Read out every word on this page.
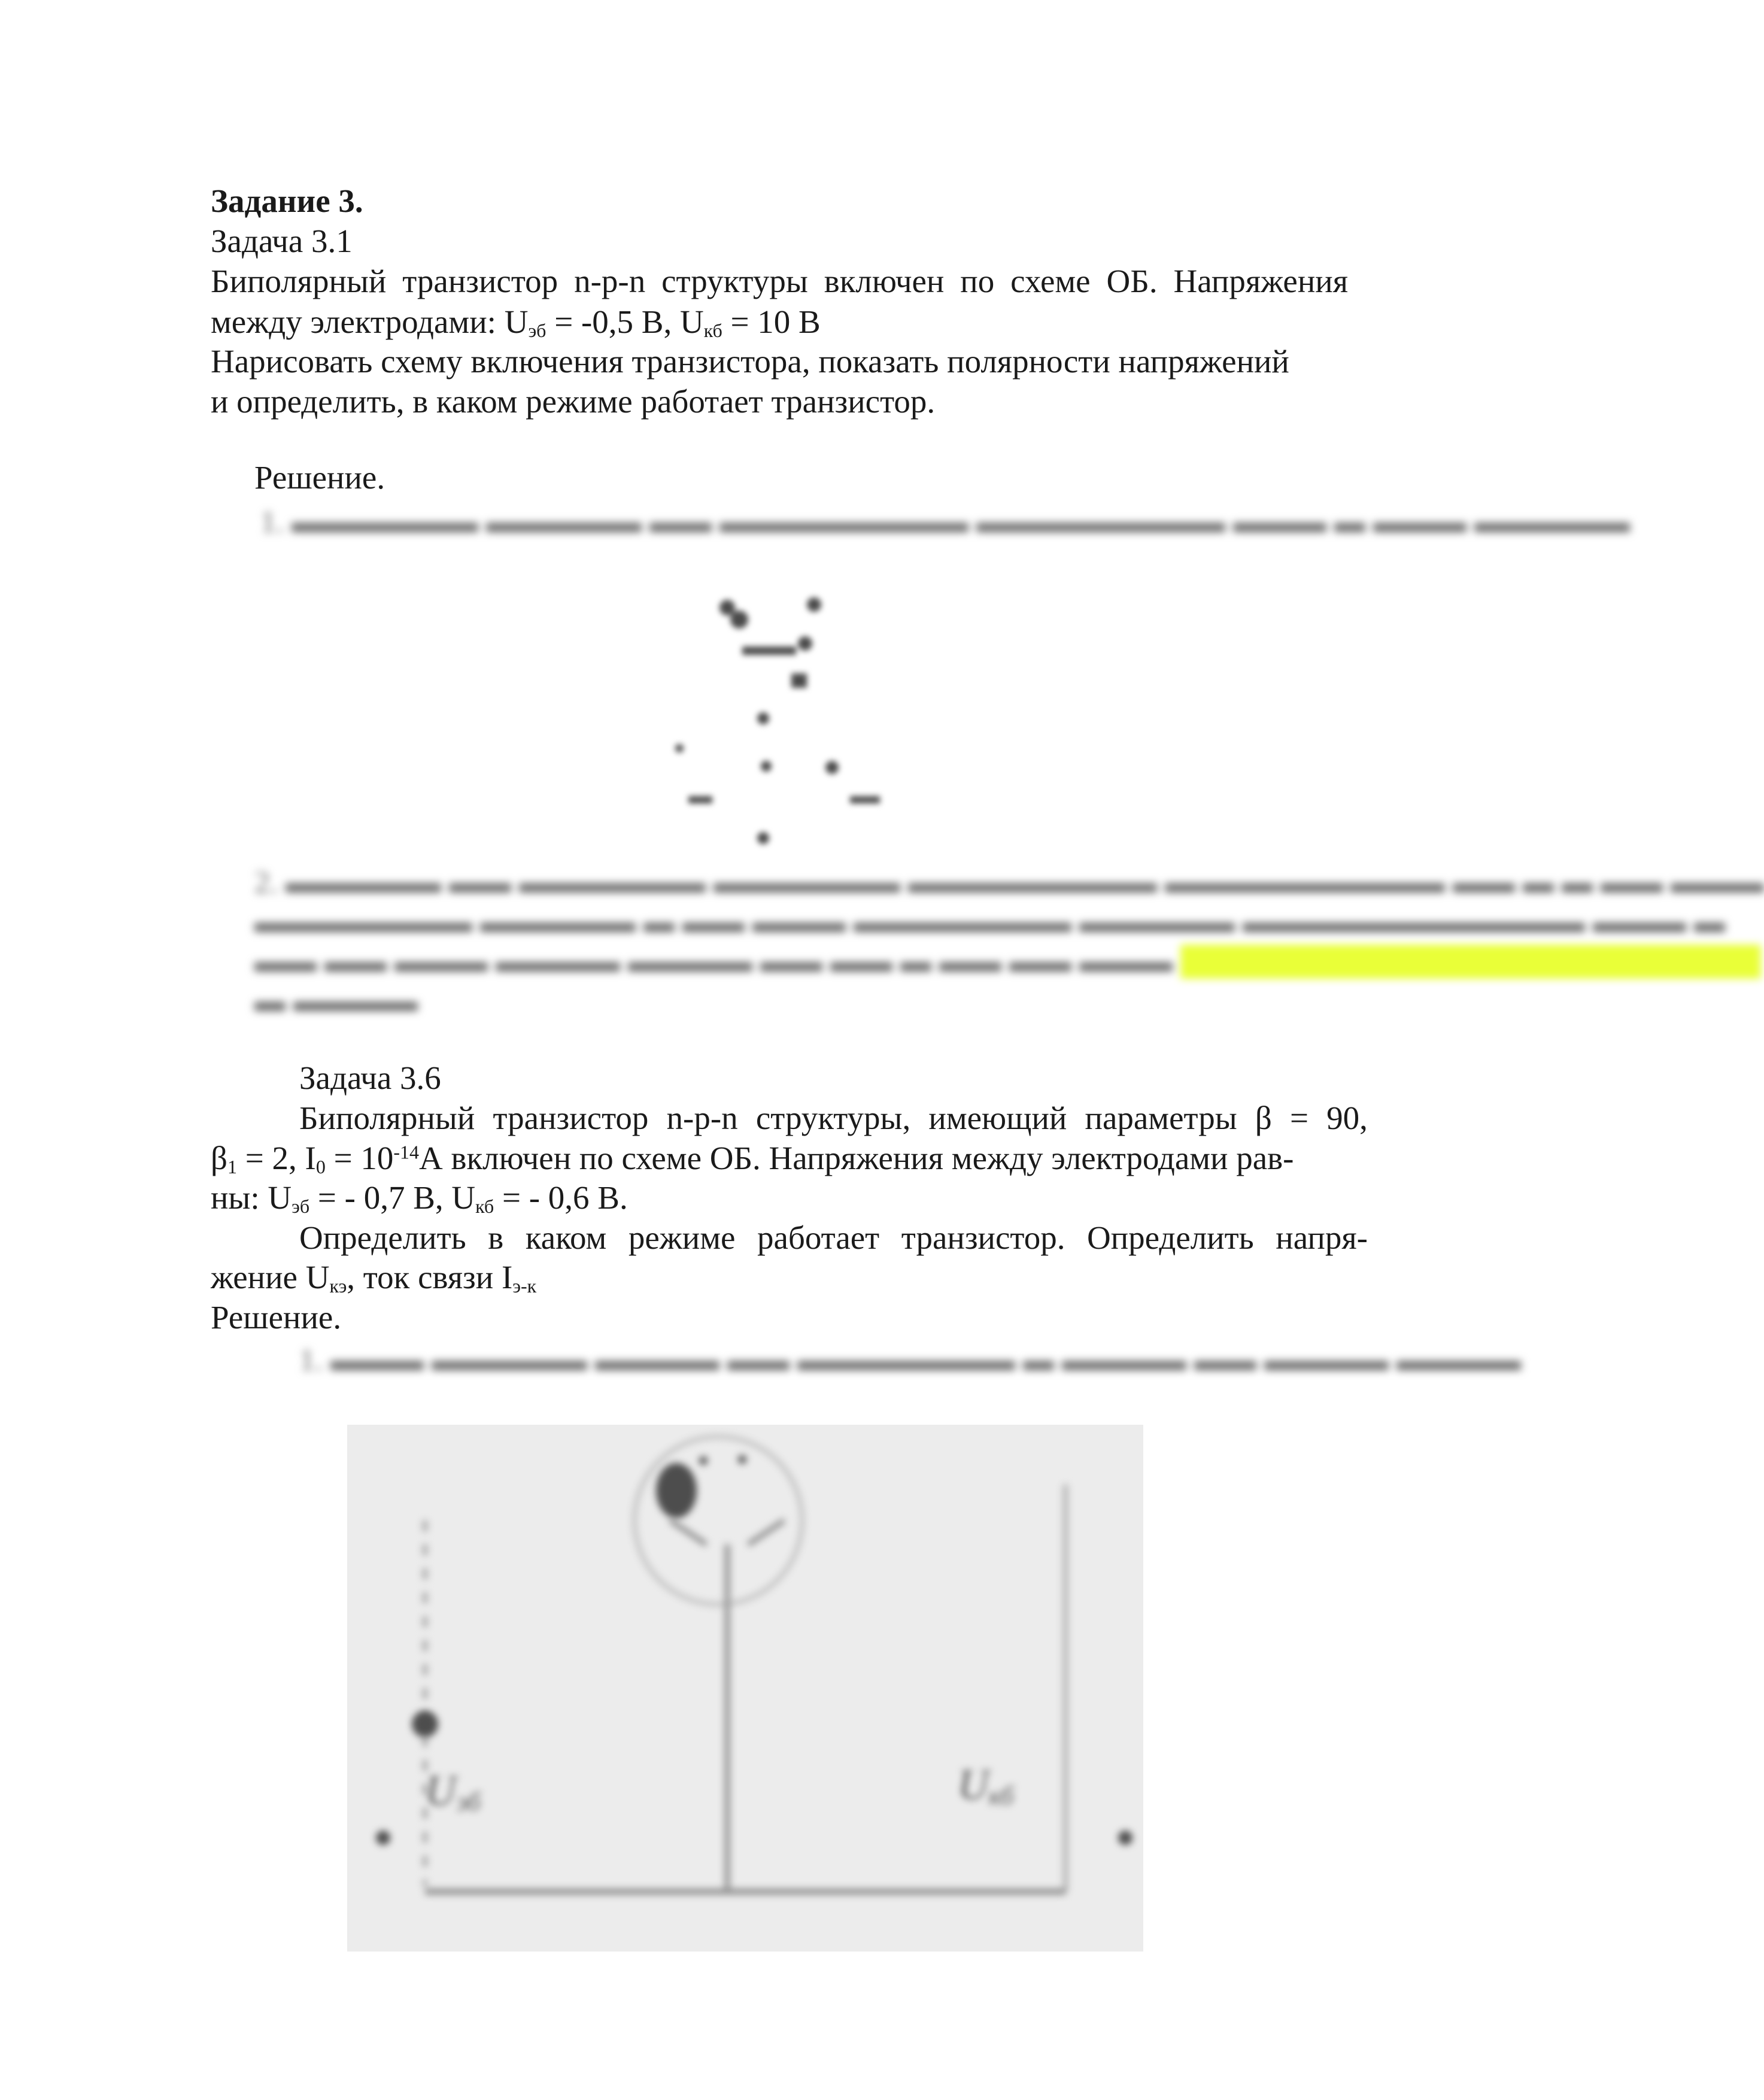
Задание 3.

Задача 3.1

Биполярный транзистор n-p-n структуры включен по схеме ОБ. Напряжения

между электродами: $U_{эб} = -0,5$ В, $U_{кб} = 10$ В

Нарисовать схему включения транзистора, показать полярности напряжений

и определить, в каком режиме работает транзистор.

Решение.

1. ▬▬▬▬▬▬ ▬▬▬▬▬ ▬▬ ▬▬▬▬▬▬▬▬ ▬▬▬▬▬▬▬▬ ▬▬▬ ▬ ▬▬▬ ▬▬▬▬▬
2. ▬▬▬▬▬ ▬▬ ▬▬▬▬▬▬ ▬▬▬▬▬▬ ▬▬▬▬▬▬▬▬ ▬▬▬▬▬▬▬▬▬ ▬▬ ▬ ▬ ▬▬ ▬▬▬
▬▬▬▬▬▬▬ ▬▬▬▬▬ ▬ ▬▬ ▬▬▬ ▬▬▬▬▬▬▬ ▬▬▬▬▬ ▬▬▬▬▬▬▬▬▬▬▬ ▬▬▬ ▬
▬▬ ▬▬ ▬▬▬ ▬▬▬▬ ▬▬▬▬ ▬▬ ▬▬ ▬ ▬▬ ▬▬ ▬▬▬ ▬▬▬▬▬▬▬▬ ▬▬▬▬▬ ▬▬▬▬▬
▬ ▬▬▬▬

Задача 3.6

Биполярный транзистор n-p-n структуры, имеющий параметры β = 90,

$\beta_1 = 2$, $I_0 = 10^{-14}А$ включен по схеме ОБ. Напряжения между электродами рав-

ны: $U_{эб}$ = - 0,7 В, $U_{кб}$ = - 0,6 В.

Определить в каком режиме работает транзистор. Определить напря-

жение $U_{кэ}$, ток связи $I_{э-к}$

Решение.

1. ▬▬▬ ▬▬▬▬▬ ▬▬▬▬ ▬▬ ▬▬▬▬▬▬▬ ▬ ▬▬▬▬ ▬▬ ▬▬▬▬ ▬▬▬▬
$U_{эб}$	$U_{кб}$
